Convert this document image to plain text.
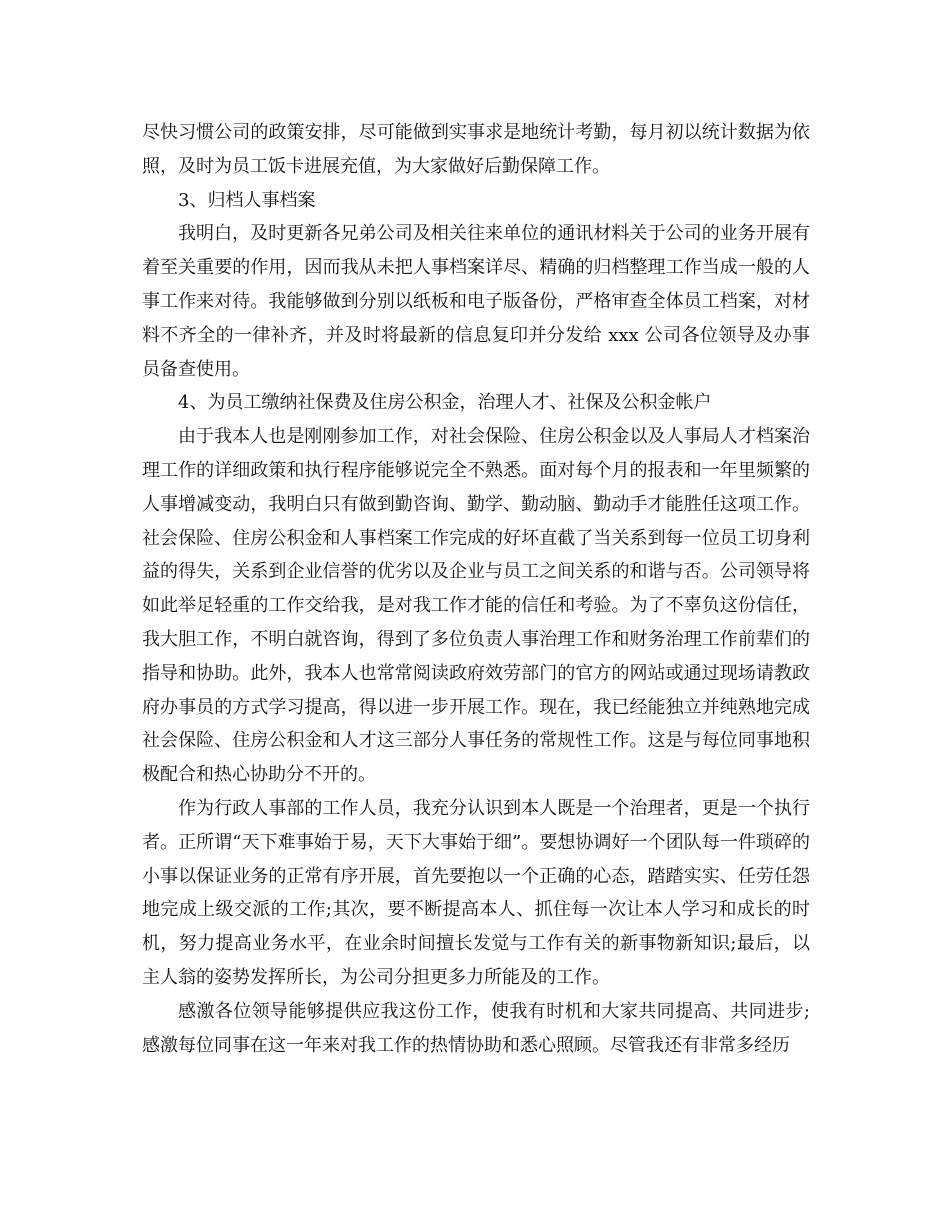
尽快习惯公司的政策安排，尽可能做到实事求是地统计考勤，每月初以统计数据为依照，及时为员工饭卡进展充值，为大家做好后勤保障工作。

3、归档人事档案

我明白，及时更新各兄弟公司及相关往来单位的通讯材料关于公司的业务开展有着至关重要的作用，因而我从未把人事档案详尽、精确的归档整理工作当成一般的人事工作来对待。我能够做到分别以纸板和电子版备份，严格审查全体员工档案，对材料不齐全的一律补齐，并及时将最新的信息复印并分发给 xxx 公司各位领导及办事员备查使用。

4、为员工缴纳社保费及住房公积金，治理人才、社保及公积金帐户

由于我本人也是刚刚参加工作，对社会保险、住房公积金以及人事局人才档案治理工作的详细政策和执行程序能够说完全不熟悉。面对每个月的报表和一年里频繁的人事增减变动，我明白只有做到勤咨询、勤学、勤动脑、勤动手才能胜任这项工作。社会保险、住房公积金和人事档案工作完成的好坏直截了当关系到每一位员工切身利益的得失，关系到企业信誉的优劣以及企业与员工之间关系的和谐与否。公司领导将如此举足轻重的工作交给我，是对我工作才能的信任和考验。为了不辜负这份信任，我大胆工作，不明白就咨询，得到了多位负责人事治理工作和财务治理工作前辈们的指导和协助。此外，我本人也常常阅读政府效劳部门的官方的网站或通过现场请教政府办事员的方式学习提高，得以进一步开展工作。现在，我已经能独立并纯熟地完成社会保险、住房公积金和人才这三部分人事任务的常规性工作。这是与每位同事地积极配合和热心协助分不开的。

作为行政人事部的工作人员，我充分认识到本人既是一个治理者，更是一个执行者。正所谓“天下难事始于易，天下大事始于细”。要想协调好一个团队每一件琐碎的小事以保证业务的正常有序开展，首先要抱以一个正确的心态，踏踏实实、任劳任怨地完成上级交派的工作;其次，要不断提高本人、抓住每一次让本人学习和成长的时机，努力提高业务水平，在业余时间擅长发觉与工作有关的新事物新知识;最后，以主人翁的姿势发挥所长，为公司分担更多力所能及的工作。

感激各位领导能够提供应我这份工作，使我有时机和大家共同提高、共同进步;感激每位同事在这一年来对我工作的热情协助和悉心照顾。尽管我还有非常多经历
